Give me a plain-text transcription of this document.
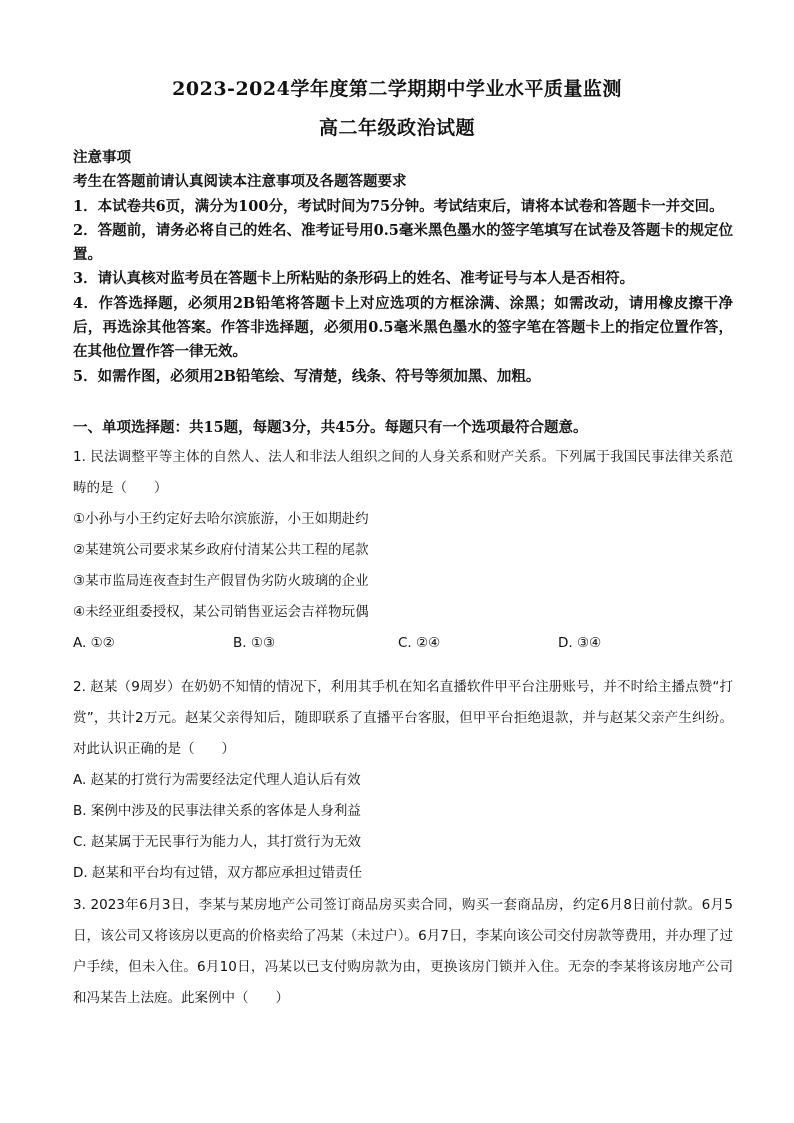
2023-2024学年度第二学期期中学业水平质量监测
高二年级政治试题

注意事项

考生在答题前请认真阅读本注意事项及各题答题要求

1．本试卷共6页，满分为100分，考试时间为75分钟。考试结束后，请将本试卷和答题卡一并交回。

2．答题前，请务必将自己的姓名、准考证号用0.5毫米黑色墨水的签字笔填写在试卷及答题卡的规定位置。

3．请认真核对监考员在答题卡上所粘贴的条形码上的姓名、准考证号与本人是否相符。

4．作答选择题，必须用2B铅笔将答题卡上对应选项的方框涂满、涂黑；如需改动，请用橡皮擦干净后，再选涂其他答案。作答非选择题，必须用0.5毫米黑色墨水的签字笔在答题卡上的指定位置作答，在其他位置作答一律无效。

5．如需作图，必须用2B铅笔绘、写清楚，线条、符号等须加黑、加粗。

一、单项选择题：共15题，每题3分，共45分。每题只有一个选项最符合题意。

1. 民法调整平等主体的自然人、法人和非法人组织之间的人身关系和财产关系。下列属于我国民事法律关系范畴的是（　　）

①小孙与小王约定好去哈尔滨旅游，小王如期赴约

②某建筑公司要求某乡政府付清某公共工程的尾款

③某市监局连夜查封生产假冒伪劣防火玻璃的企业

④未经亚组委授权，某公司销售亚运会吉祥物玩偶

A. ①②	B. ①③	C. ②④	D. ③④

2. 赵某（9周岁）在奶奶不知情的情况下，利用其手机在知名直播软件甲平台注册账号，并不时给主播点赞“打赏”，共计2万元。赵某父亲得知后，随即联系了直播平台客服，但甲平台拒绝退款，并与赵某父亲产生纠纷。对此认识正确的是（　　）

A. 赵某的打赏行为需要经法定代理人追认后有效

B. 案例中涉及的民事法律关系的客体是人身利益

C. 赵某属于无民事行为能力人，其打赏行为无效

D. 赵某和平台均有过错，双方都应承担过错责任

3. 2023年6月3日，李某与某房地产公司签订商品房买卖合同，购买一套商品房，约定6月8日前付款。6月5日，该公司又将该房以更高的价格卖给了冯某（未过户）。6月7日，李某向该公司交付房款等费用，并办理了过户手续，但未入住。6月10日，冯某以已支付购房款为由，更换该房门锁并入住。无奈的李某将该房地产公司和冯某告上法庭。此案例中（　　）
